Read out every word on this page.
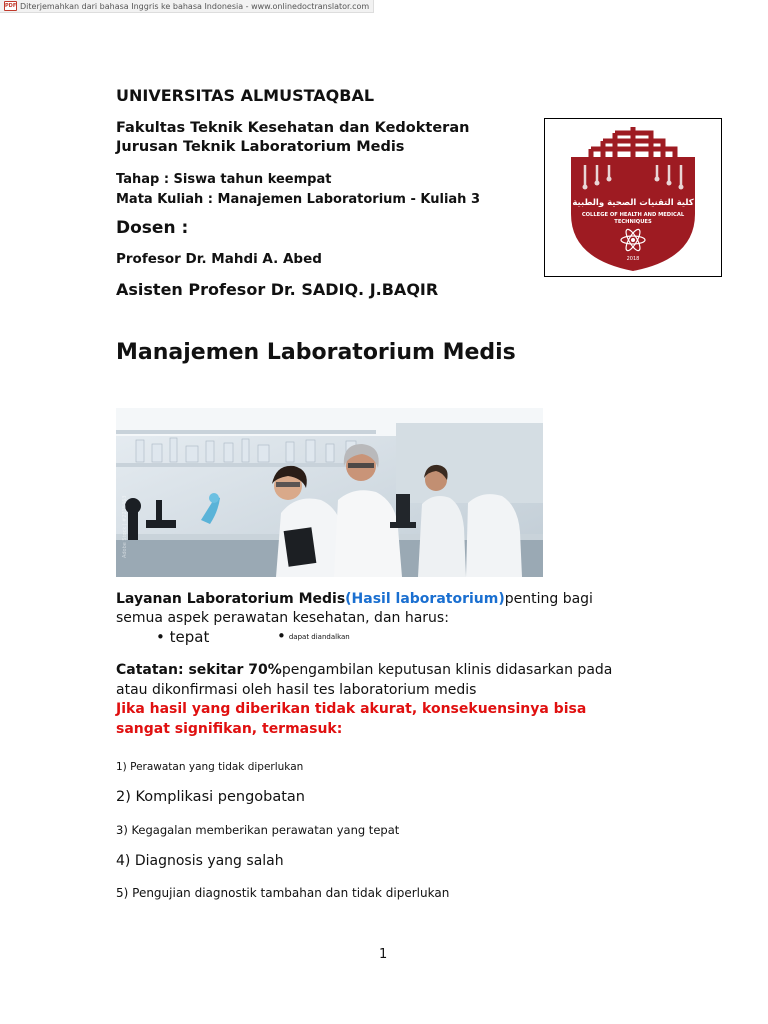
PDF Diterjemahkan dari bahasa Inggris ke bahasa Indonesia - www.onlinedoctranslator.com
UNIVERSITAS ALMUSTAQBAL
Fakultas Teknik Kesehatan dan Kedokteran
Jurusan Teknik Laboratorium Medis
Tahap : Siswa tahun keempat
Mata Kuliah : Manajemen Laboratorium - Kuliah 3
Dosen :
Profesor Dr. Mahdi A. Abed
Asisten Profesor Dr. SADIQ. J.BAQIR
كلية التقنيات الصحية والطبية
COLLEGE OF HEALTH AND MEDICAL
TECHNIQUES
2018
Manajemen Laboratorium Medis
Adobe Stock | #2235463
Layanan Laboratorium Medis(Hasil laboratorium)penting bagi semua aspek perawatan kesehatan, dan harus:
• tepat	• dapat diandalkan
Catatan: sekitar 70%pengambilan keputusan klinis didasarkan pada atau dikonfirmasi oleh hasil tes laboratorium medis
Jika hasil yang diberikan tidak akurat, konsekuensinya bisa sangat signifikan, termasuk:
1) Perawatan yang tidak diperlukan
2) Komplikasi pengobatan
3) Kegagalan memberikan perawatan yang tepat
4) Diagnosis yang salah
5) Pengujian diagnostik tambahan dan tidak diperlukan
1
